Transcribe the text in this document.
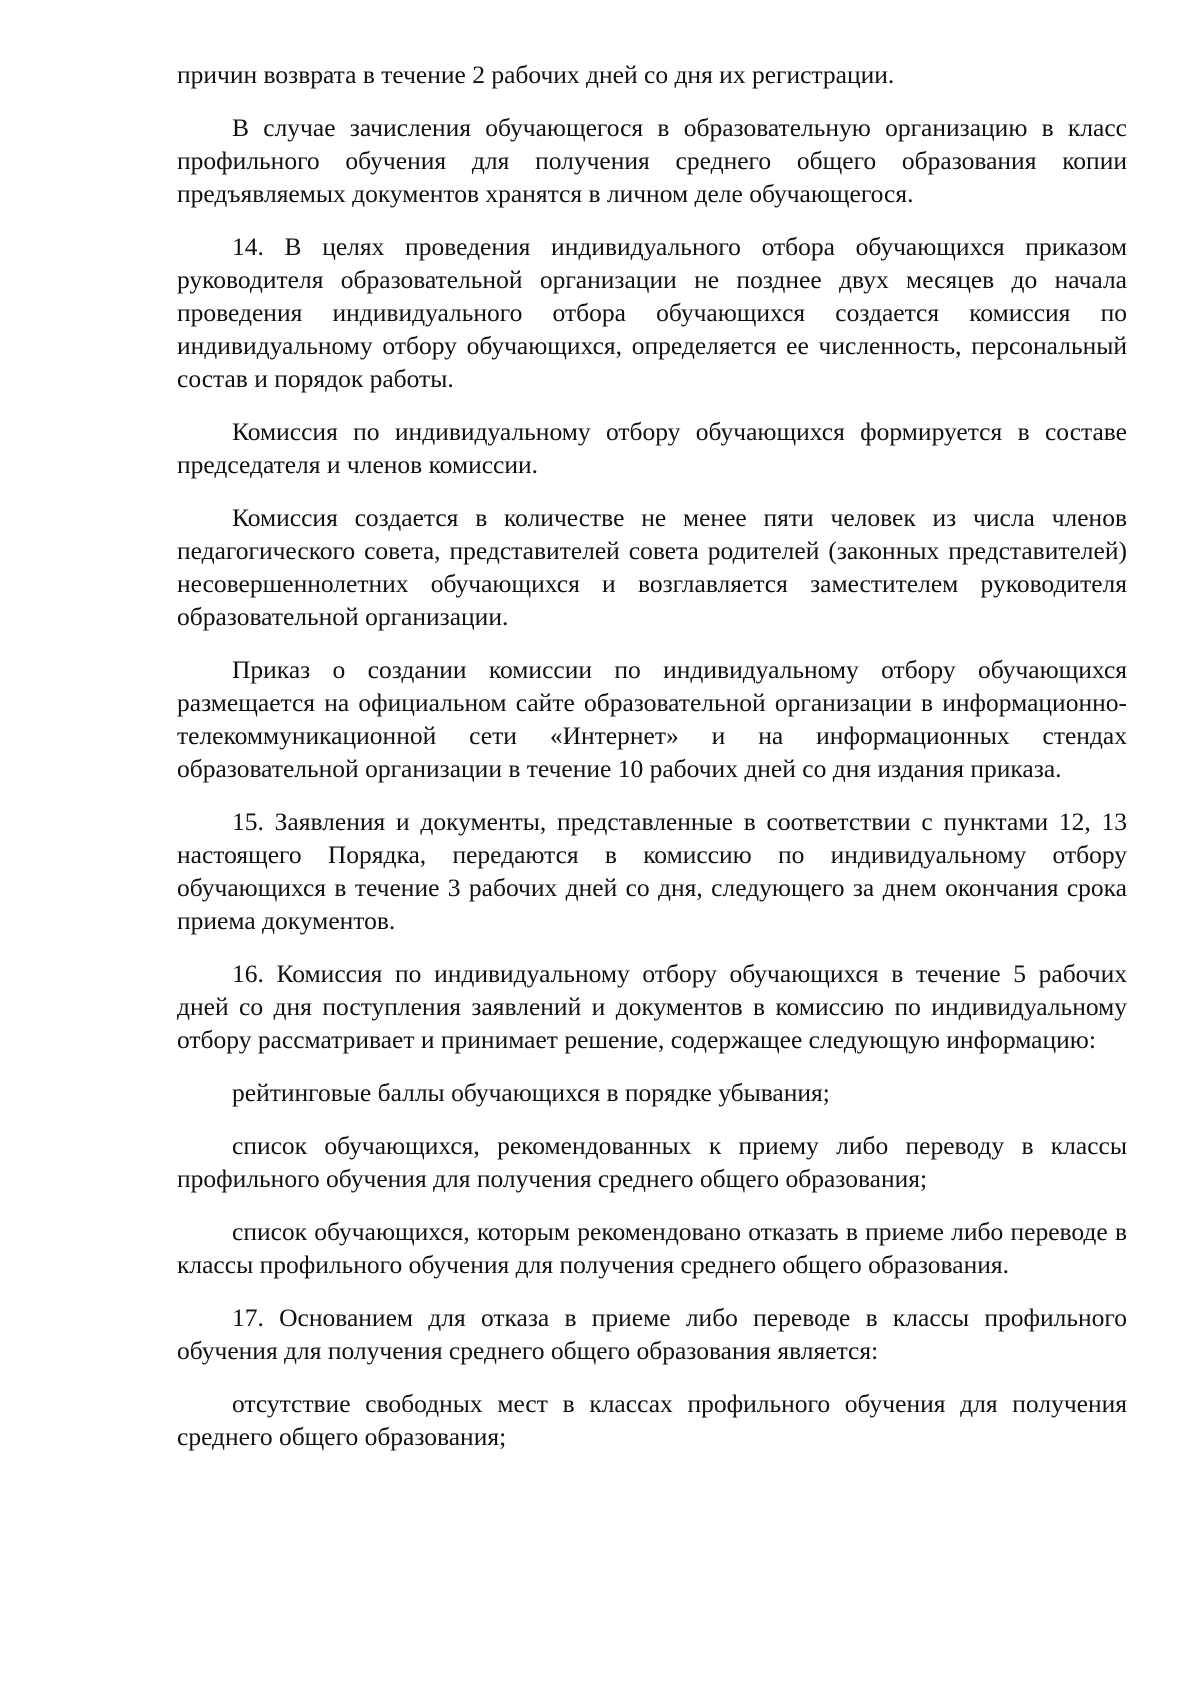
причин возврата в течение 2 рабочих дней со дня их регистрации.

В случае зачисления обучающегося в образовательную организацию в класс профильного обучения для получения среднего общего образования копии предъявляемых документов хранятся в личном деле обучающегося.

14. В целях проведения индивидуального отбора обучающихся приказом руководителя образовательной организации не позднее двух месяцев до начала проведения индивидуального отбора обучающихся создается комиссия по индивидуальному отбору обучающихся, определяется ее численность, персональный состав и порядок работы.

Комиссия по индивидуальному отбору обучающихся формируется в составе председателя и членов комиссии.

Комиссия создается в количестве не менее пяти человек из числа членов педагогического совета, представителей совета родителей (законных представителей) несовершеннолетних обучающихся и возглавляется заместителем руководителя образовательной организации.

Приказ о создании комиссии по индивидуальному отбору обучающихся размещается на официальном сайте образовательной организации в информационно-телекоммуникационной сети «Интернет» и на информационных стендах образовательной организации в течение 10 рабочих дней со дня издания приказа.

15. Заявления и документы, представленные в соответствии с пунктами 12, 13 настоящего Порядка, передаются в комиссию по индивидуальному отбору обучающихся в течение 3 рабочих дней со дня, следующего за днем окончания срока приема документов.

16. Комиссия по индивидуальному отбору обучающихся в течение 5 рабочих дней со дня поступления заявлений и документов в комиссию по индивидуальному отбору рассматривает и принимает решение, содержащее следующую информацию:

рейтинговые баллы обучающихся в порядке убывания;

список обучающихся, рекомендованных к приему либо переводу в классы профильного обучения для получения среднего общего образования;

список обучающихся, которым рекомендовано отказать в приеме либо переводе в классы профильного обучения для получения среднего общего образования.

17. Основанием для отказа в приеме либо переводе в классы профильного обучения для получения среднего общего образования является:

отсутствие свободных мест в классах профильного обучения для получения среднего общего образования;
